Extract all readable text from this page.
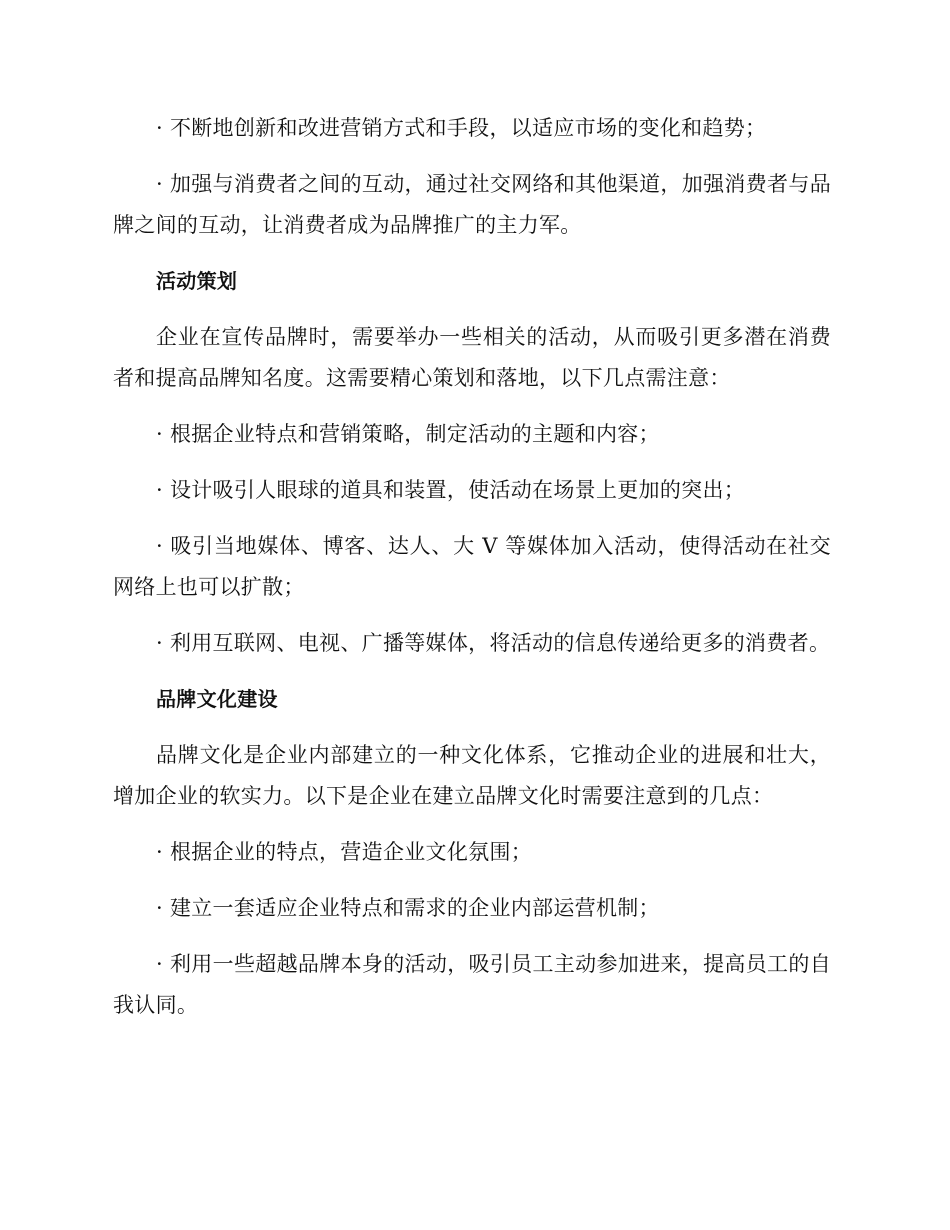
· 不断地创新和改进营销方式和手段，以适应市场的变化和趋势；

· 加强与消费者之间的互动，通过社交网络和其他渠道，加强消费者与品牌之间的互动，让消费者成为品牌推广的主力军。

活动策划

企业在宣传品牌时，需要举办一些相关的活动，从而吸引更多潜在消费者和提高品牌知名度。这需要精心策划和落地，以下几点需注意：

· 根据企业特点和营销策略，制定活动的主题和内容；

· 设计吸引人眼球的道具和装置，使活动在场景上更加的突出；

· 吸引当地媒体、博客、达人、大 V 等媒体加入活动，使得活动在社交网络上也可以扩散；

· 利用互联网、电视、广播等媒体，将活动的信息传递给更多的消费者。

品牌文化建设

品牌文化是企业内部建立的一种文化体系，它推动企业的进展和壮大，增加企业的软实力。以下是企业在建立品牌文化时需要注意到的几点：

· 根据企业的特点，营造企业文化氛围；

· 建立一套适应企业特点和需求的企业内部运营机制；

· 利用一些超越品牌本身的活动，吸引员工主动参加进来，提高员工的自我认同。
